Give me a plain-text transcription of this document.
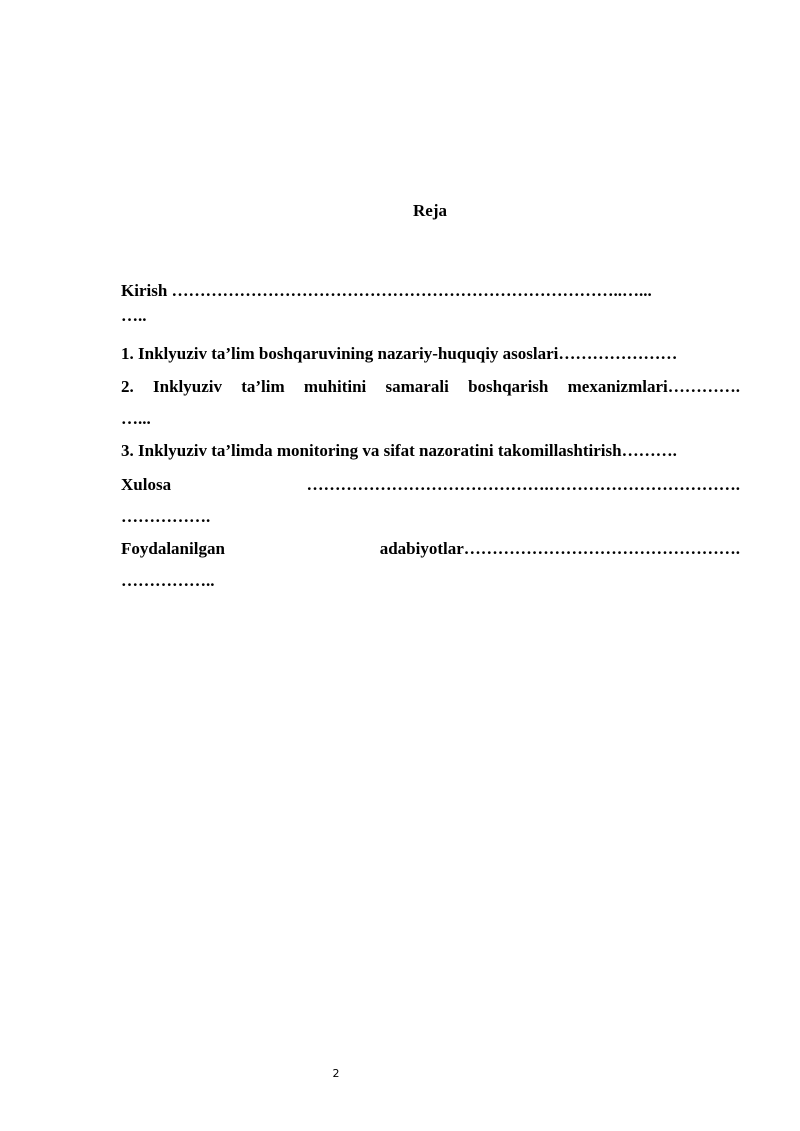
Reja
Kirish ……………………………………………………………………..…...
…..
1. Inklyuziv ta’lim boshqaruvining nazariy-huquqiy asoslari…………………
2. Inklyuziv ta’lim muhitini samarali boshqarish mexanizmlari………….
…...
3. Inklyuziv ta’limda monitoring va sifat nazoratini takomillashtirish……….
Xulosa	…………………………………….…………………………….
…………….
Foydalanilgan	adabiyotlar………………………………………….
……………..
2
